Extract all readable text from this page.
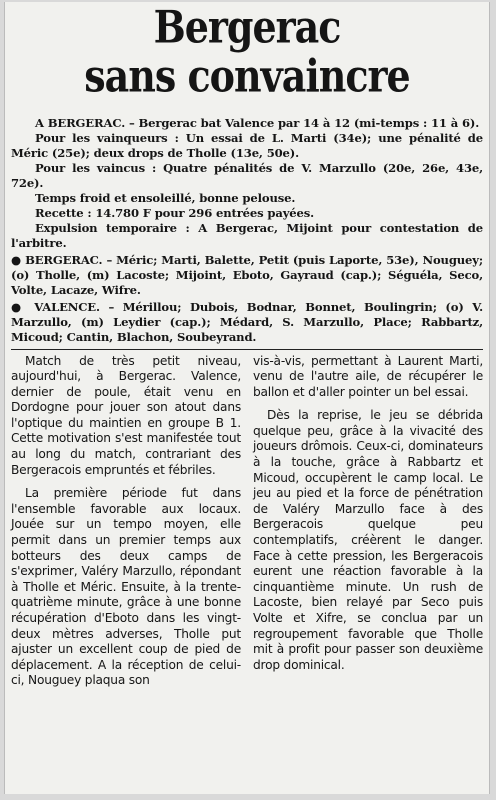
Bergerac
sans convaincre

A BERGERAC. – Bergerac bat Valence par 14 à 12 (mi-temps : 11 à 6).

Pour les vainqueurs : Un essai de L. Marti (34e); une pénalité de Méric (25e); deux drops de Tholle (13e, 50e).

Pour les vaincus : Quatre pénalités de V. Marzullo (20e, 26e, 43e, 72e).

Temps froid et ensoleillé, bonne pelouse.

Recette : 14.780 F pour 296 entrées payées.

Expulsion temporaire : A Bergerac, Mijoint pour contestation de l'arbitre.

● BERGERAC. – Méric; Marti, Balette, Petit (puis Laporte, 53e), Nouguey; (o) Tholle, (m) Lacoste; Mijoint, Eboto, Gayraud (cap.); Séguéla, Seco, Volte, Lacaze, Wifre.

● VALENCE. – Mérillou; Dubois, Bodnar, Bonnet, Boulingrin; (o) V. Marzullo, (m) Leydier (cap.); Médard, S. Marzullo, Place; Rabbartz, Micoud; Cantin, Blachon, Soubeyrand.

Match de très petit niveau, aujourd'hui, à Bergerac. Valence, dernier de poule, était venu en Dordogne pour jouer son atout dans l'optique du maintien en groupe B 1. Cette motivation s'est manifestée tout au long du match, contrariant des Bergeracois empruntés et fébriles.

La première période fut dans l'ensemble favorable aux locaux. Jouée sur un tempo moyen, elle permit dans un premier temps aux botteurs des deux camps de s'exprimer, Valéry Marzullo, répondant à Tholle et Méric. Ensuite, à la trente-quatrième minute, grâce à une bonne récupération d'Eboto dans les vingt-deux mètres adverses, Tholle put ajuster un excellent coup de pied de déplacement. A la réception de celui-ci, Nouguey plaqua son

vis-à-vis, permettant à Laurent Marti, venu de l'autre aile, de récupérer le ballon et d'aller pointer un bel essai.

Dès la reprise, le jeu se débrida quelque peu, grâce à la vivacité des joueurs drômois. Ceux-ci, dominateurs à la touche, grâce à Rabbartz et Micoud, occupèrent le camp local. Le jeu au pied et la force de pénétration de Valéry Marzullo face à des Bergeracois quelque peu contemplatifs, créèrent le danger. Face à cette pression, les Bergeracois eurent une réaction favorable à la cinquantième minute. Un rush de Lacoste, bien relayé par Seco puis Volte et Xifre, se conclua par un regroupement favorable que Tholle mit à profit pour passer son deuxième drop dominical.
